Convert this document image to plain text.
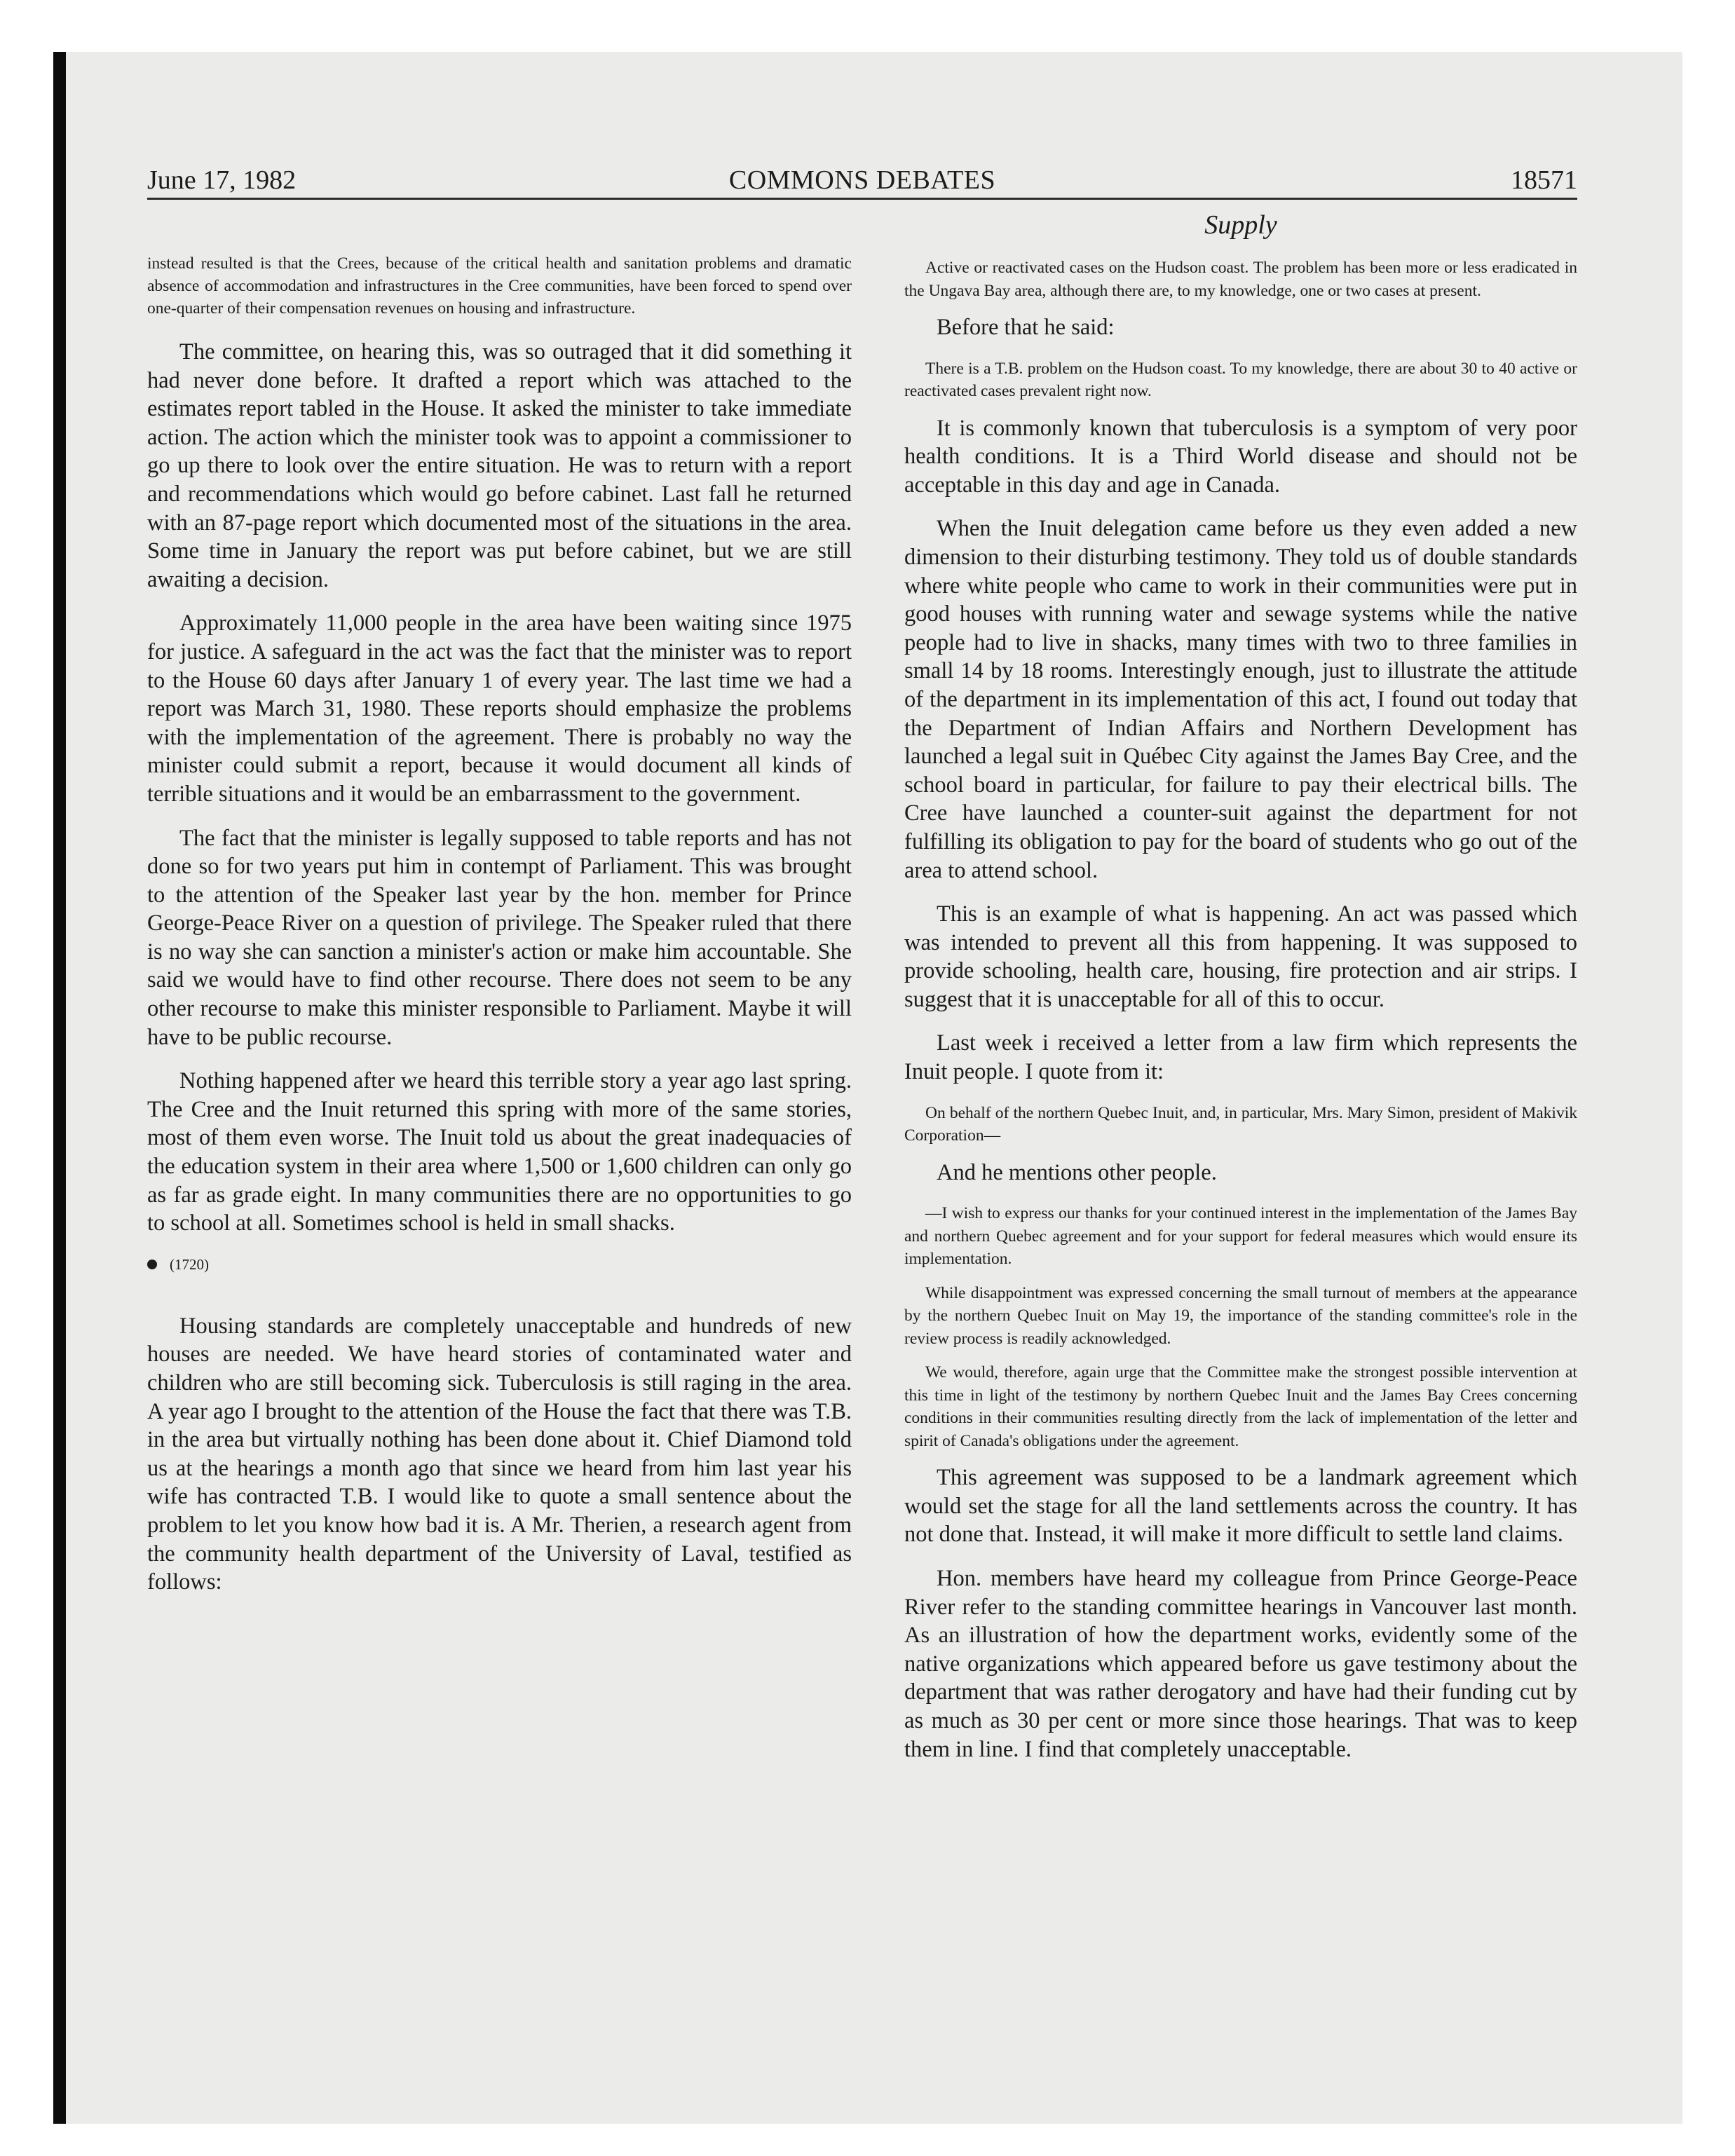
June 17, 1982	COMMONS DEBATES	18571
Supply

instead resulted is that the Crees, because of the critical health and sanitation problems and dramatic absence of accommodation and infrastructures in the Cree communities, have been forced to spend over one-quarter of their compensation revenues on housing and infrastructure.

The committee, on hearing this, was so outraged that it did something it had never done before. It drafted a report which was attached to the estimates report tabled in the House. It asked the minister to take immediate action. The action which the minister took was to appoint a commissioner to go up there to look over the entire situation. He was to return with a report and recommendations which would go before cabinet. Last fall he returned with an 87-page report which documented most of the situations in the area. Some time in January the report was put before cabinet, but we are still awaiting a decision.

Approximately 11,000 people in the area have been waiting since 1975 for justice. A safeguard in the act was the fact that the minister was to report to the House 60 days after January 1 of every year. The last time we had a report was March 31, 1980. These reports should emphasize the problems with the implementation of the agreement. There is probably no way the minister could submit a report, because it would document all kinds of terrible situations and it would be an embarrassment to the government.

The fact that the minister is legally supposed to table reports and has not done so for two years put him in contempt of Parliament. This was brought to the attention of the Speaker last year by the hon. member for Prince George-Peace River on a question of privilege. The Speaker ruled that there is no way she can sanction a minister's action or make him accountable. She said we would have to find other recourse. There does not seem to be any other recourse to make this minister responsible to Parliament. Maybe it will have to be public recourse.

Nothing happened after we heard this terrible story a year ago last spring. The Cree and the Inuit returned this spring with more of the same stories, most of them even worse. The Inuit told us about the great inadequacies of the education system in their area where 1,500 or 1,600 children can only go as far as grade eight. In many communities there are no opportunities to go to school at all. Sometimes school is held in small shacks.

(1720)

Housing standards are completely unacceptable and hundreds of new houses are needed. We have heard stories of contaminated water and children who are still becoming sick. Tuberculosis is still raging in the area. A year ago I brought to the attention of the House the fact that there was T.B. in the area but virtually nothing has been done about it. Chief Diamond told us at the hearings a month ago that since we heard from him last year his wife has contracted T.B. I would like to quote a small sentence about the problem to let you know how bad it is. A Mr. Therien, a research agent from the community health department of the University of Laval, testified as follows:

Active or reactivated cases on the Hudson coast. The problem has been more or less eradicated in the Ungava Bay area, although there are, to my knowledge, one or two cases at present.

Before that he said:

There is a T.B. problem on the Hudson coast. To my knowledge, there are about 30 to 40 active or reactivated cases prevalent right now.

It is commonly known that tuberculosis is a symptom of very poor health conditions. It is a Third World disease and should not be acceptable in this day and age in Canada.

When the Inuit delegation came before us they even added a new dimension to their disturbing testimony. They told us of double standards where white people who came to work in their communities were put in good houses with running water and sewage systems while the native people had to live in shacks, many times with two to three families in small 14 by 18 rooms. Interestingly enough, just to illustrate the attitude of the department in its implementation of this act, I found out today that the Department of Indian Affairs and Northern Development has launched a legal suit in Québec City against the James Bay Cree, and the school board in particular, for failure to pay their electrical bills. The Cree have launched a counter-suit against the department for not fulfilling its obligation to pay for the board of students who go out of the area to attend school.

This is an example of what is happening. An act was passed which was intended to prevent all this from happening. It was supposed to provide schooling, health care, housing, fire protection and air strips. I suggest that it is unacceptable for all of this to occur.

Last week i received a letter from a law firm which represents the Inuit people. I quote from it:

On behalf of the northern Quebec Inuit, and, in particular, Mrs. Mary Simon, president of Makivik Corporation—

And he mentions other people.

—I wish to express our thanks for your continued interest in the implementation of the James Bay and northern Quebec agreement and for your support for federal measures which would ensure its implementation.

While disappointment was expressed concerning the small turnout of members at the appearance by the northern Quebec Inuit on May 19, the importance of the standing committee's role in the review process is readily acknowledged.

We would, therefore, again urge that the Committee make the strongest possible intervention at this time in light of the testimony by northern Quebec Inuit and the James Bay Crees concerning conditions in their communities resulting directly from the lack of implementation of the letter and spirit of Canada's obligations under the agreement.

This agreement was supposed to be a landmark agreement which would set the stage for all the land settlements across the country. It has not done that. Instead, it will make it more difficult to settle land claims.

Hon. members have heard my colleague from Prince George-Peace River refer to the standing committee hearings in Vancouver last month. As an illustration of how the department works, evidently some of the native organizations which appeared before us gave testimony about the department that was rather derogatory and have had their funding cut by as much as 30 per cent or more since those hearings. That was to keep them in line. I find that completely unacceptable.
